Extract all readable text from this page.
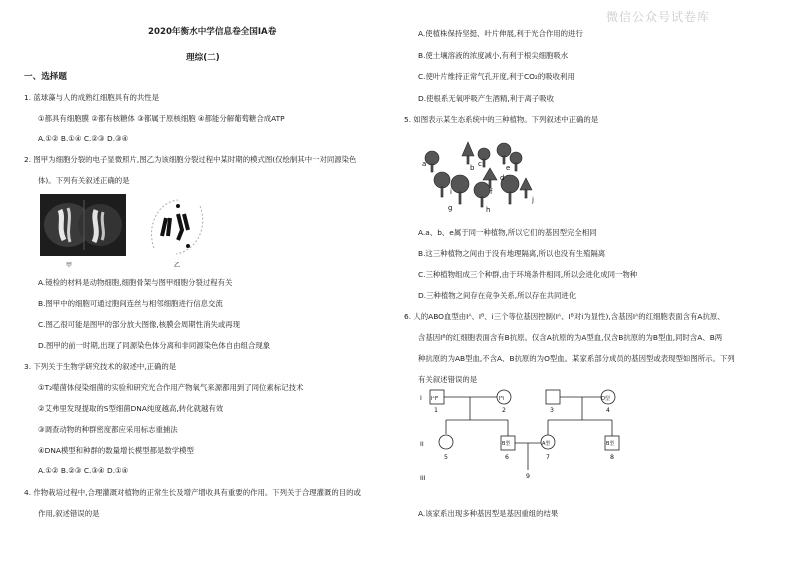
微信公众号试卷库
2020年衡水中学信息卷全国IA卷
理综(二)
一、选择题
1. 蓝球藻与人的成熟红细胞具有的共性是
①都具有细胞膜 ②都有核糖体 ③都属于原核细胞 ④都能分解葡萄糖合成ATP
A.①② B.①④ C.②③ D.③④
2. 图甲为细胞分裂的电子显微照片,图乙为该细胞分裂过程中某时期的模式图(仅绘制其中一对同源染色
体)。下列有关叙述正确的是
甲	乙
A.镜检的材料是动物细胞,细胞骨架与图甲细胞分裂过程有关
B.图甲中的细胞可通过胞间连丝与相邻细胞进行信息交流
C.图乙很可能是图甲的部分放大图像,核膜会周期性消失或再现
D.图甲的前一时期,出现了同源染色体分离和非同源染色体自由组合现象
3. 下列关于生物学研究技术的叙述中,正确的是
①T₂噬菌体侵染细菌的实验和研究光合作用产物氧气来源都用到了同位素标记技术
②艾弗里发现提取的S型细菌DNA纯度越高,转化就越有效
③调查动物的种群密度都应采用标志重捕法
④DNA模型和种群的数量增长模型都是数学模型
A.①② B.②③ C.③④ D.①④
4. 作物栽培过程中,合理灌溉对植物的正常生长及增产增收具有重要的作用。下列关于合理灌溉的目的或
作用,叙述错误的是
A.使植株保持坚挺、叶片伸展,利于光合作用的进行
B.使土壤溶液的浓度减小,有利于根尖细胞吸水
C.使叶片维持正常气孔开度,利于CO₂的吸收利用
D.使根系无氧呼吸产生酒精,利于离子吸收
5. 如图表示某生态系统中的三种植物。下列叙述中正确的是
a	b c
d
e
f
g	h
i
j
A.a、b、e属于同一种植物,所以它们的基因型完全相同
B.这三种植物之间由于没有地理隔离,所以也没有生殖隔离
C.三种植物组成三个种群,由于环境条件相同,所以会进化成同一物种
D.三种植物之间存在竞争关系,所以存在共同进化
6. 人的ABO血型由Iᴬ、Iᴮ、i三个等位基因控制(Iᴬ、Iᴮ对i为显性),含基因Iᴬ的红细胞表面含有A抗原、
含基因Iᴮ的红细胞表面含有B抗原。仅含A抗原的为A型血,仅含B抗原的为B型血,同时含A、B两
种抗原的为AB型血,不含A、B抗原的为O型血。某家系部分成员的基因型或表现型如图所示。下列
有关叙述错误的是
I
II
III
IᴬIᴮ	Iᴮi	O型
B型	A型	B型
1	2	3	4
5	6	7	8
9
A.该家系出现多种基因型是基因重组的结果
